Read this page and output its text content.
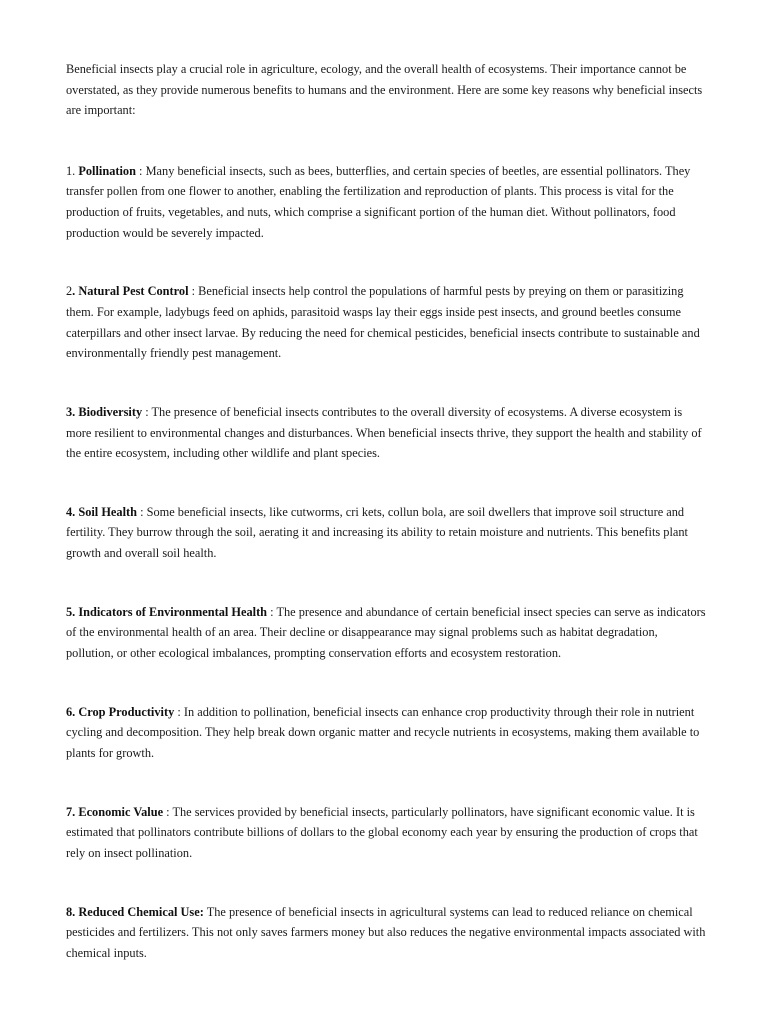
Beneficial insects play a crucial role in agriculture, ecology, and the overall health of ecosystems. Their importance cannot be overstated, as they provide numerous benefits to humans and the environment. Here are some key reasons why beneficial insects are important:

1. Pollination : Many beneficial insects, such as bees, butterflies, and certain species of beetles, are essential pollinators. They transfer pollen from one flower to another, enabling the fertilization and reproduction of plants. This process is vital for the production of fruits, vegetables, and nuts, which comprise a significant portion of the human diet. Without pollinators, food production would be severely impacted.

2. Natural Pest Control : Beneficial insects help control the populations of harmful pests by preying on them or parasitizing them. For example, ladybugs feed on aphids, parasitoid wasps lay their eggs inside pest insects, and ground beetles consume caterpillars and other insect larvae. By reducing the need for chemical pesticides, beneficial insects contribute to sustainable and environmentally friendly pest management.

3. Biodiversity : The presence of beneficial insects contributes to the overall diversity of ecosystems. A diverse ecosystem is more resilient to environmental changes and disturbances. When beneficial insects thrive, they support the health and stability of the entire ecosystem, including other wildlife and plant species.

4. Soil Health : Some beneficial insects, like cutworms, cri kets, collun bola, are soil dwellers that improve soil structure and fertility. They burrow through the soil, aerating it and increasing its ability to retain moisture and nutrients. This benefits plant growth and overall soil health.

5. Indicators of Environmental Health : The presence and abundance of certain beneficial insect species can serve as indicators of the environmental health of an area. Their decline or disappearance may signal problems such as habitat degradation, pollution, or other ecological imbalances, prompting conservation efforts and ecosystem restoration.

6. Crop Productivity : In addition to pollination, beneficial insects can enhance crop productivity through their role in nutrient cycling and decomposition. They help break down organic matter and recycle nutrients in ecosystems, making them available to plants for growth.

7. Economic Value : The services provided by beneficial insects, particularly pollinators, have significant economic value. It is estimated that pollinators contribute billions of dollars to the global economy each year by ensuring the production of crops that rely on insect pollination.

8. Reduced Chemical Use: The presence of beneficial insects in agricultural systems can lead to reduced reliance on chemical pesticides and fertilizers. This not only saves farmers money but also reduces the negative environmental impacts associated with chemical inputs.
